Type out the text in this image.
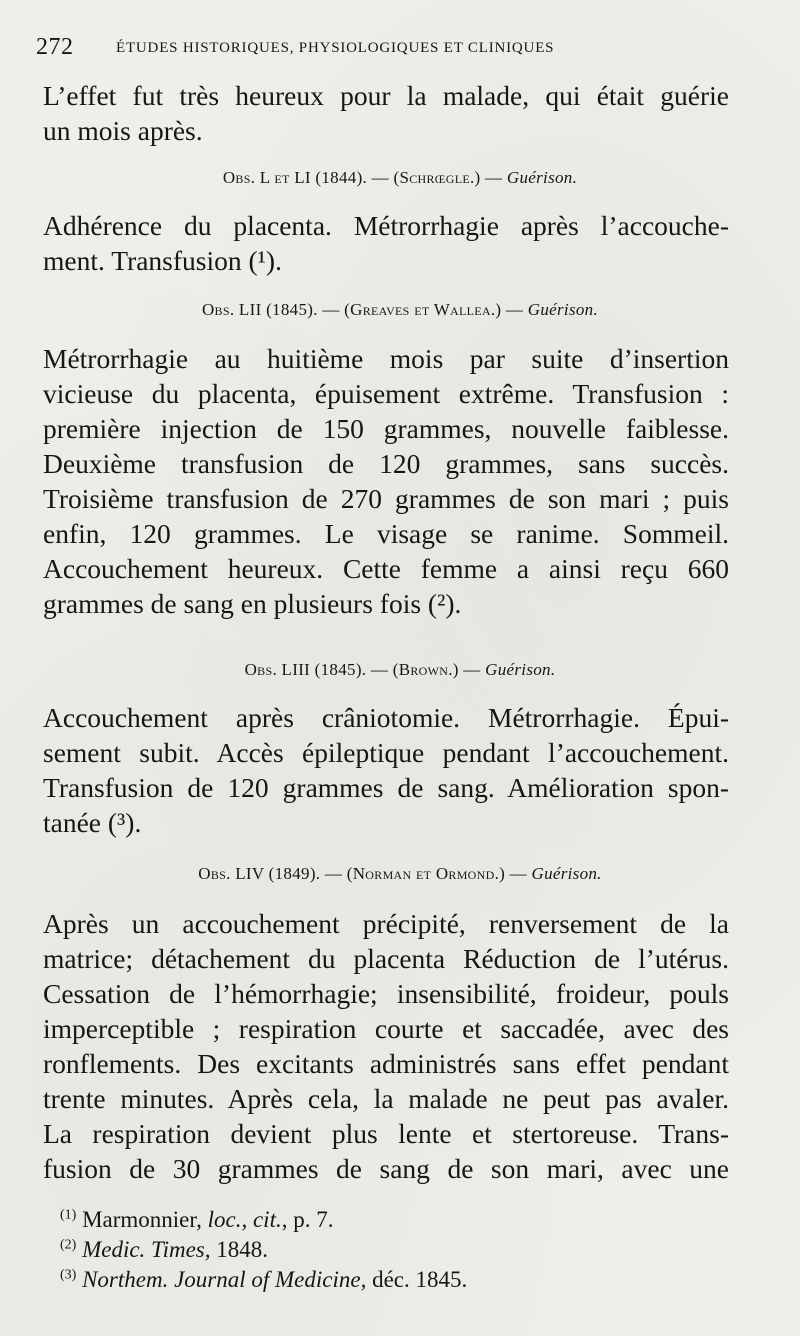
272	ÉTUDES HISTORIQUES, PHYSIOLOGIQUES ET CLINIQUES
L’effet fut très heureux pour la malade, qui était guérie
un mois après.
Obs. L et LI (1844). — (Schrœgle.) — Guérison.
Adhérence du placenta. Métrorrhagie après l’accouche-
ment. Transfusion (¹).
Obs. LII (1845). — (Greaves et Wallea.) — Guérison.
Métrorrhagie au huitième mois par suite d’insertion
vicieuse du placenta, épuisement extrême. Transfusion :
première injection de 150 grammes, nouvelle faiblesse.
Deuxième transfusion de 120 grammes, sans succès.
Troisième transfusion de 270 grammes de son mari ; puis
enfin, 120 grammes. Le visage se ranime. Sommeil.
Accouchement heureux. Cette femme a ainsi reçu 660
grammes de sang en plusieurs fois (²).
Obs. LIII (1845). — (Brown.) — Guérison.
Accouchement après crâniotomie. Métrorrhagie. Épui-
sement subit. Accès épileptique pendant l’accouchement.
Transfusion de 120 grammes de sang. Amélioration spon-
tanée (³).
Obs. LIV (1849). — (Norman et Ormond.) — Guérison.
Après un accouchement précipité, renversement de la
matrice; détachement du placenta Réduction de l’utérus.
Cessation de l’hémorrhagie; insensibilité, froideur, pouls
imperceptible ; respiration courte et saccadée, avec des
ronflements. Des excitants administrés sans effet pendant
trente minutes. Après cela, la malade ne peut pas avaler.
La respiration devient plus lente et stertoreuse. Trans-
fusion de 30 grammes de sang de son mari, avec une
$^{(1)}$ Marmonnier, loc., cit., p. 7.
$^{(2)}$ Medic. Times, 1848.
$^{(3)}$ Northem. Journal of Medicine, déc. 1845.
